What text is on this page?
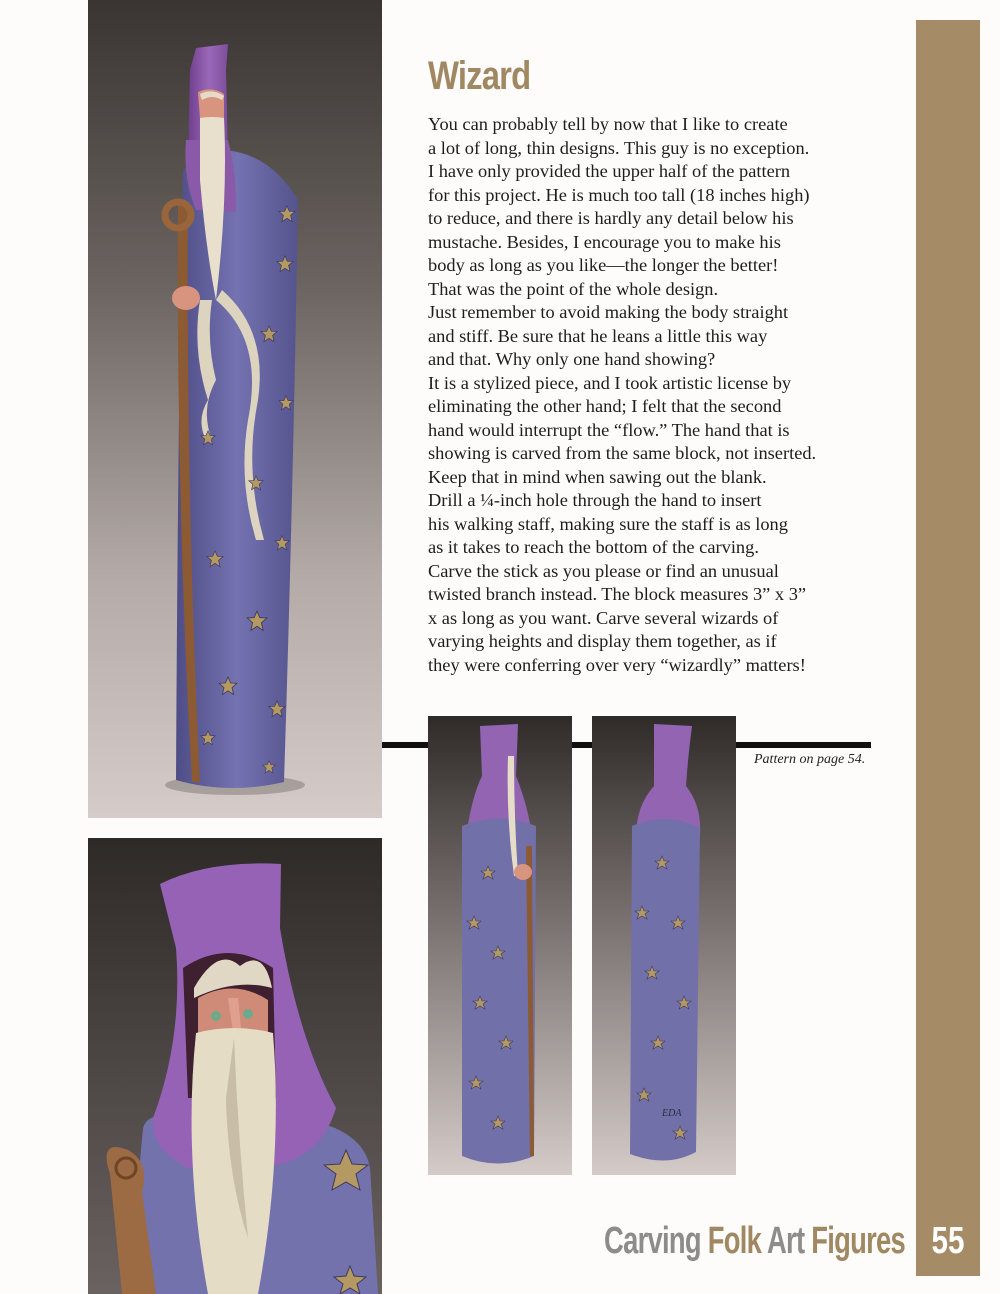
EDA
Wizard
You can probably tell by now that I like to create
a lot of long, thin designs. This guy is no exception.
I have only provided the upper half of the pattern
for this project. He is much too tall (18 inches high)
to reduce, and there is hardly any detail below his
mustache. Besides, I encourage you to make his
body as long as you like—the longer the better!
That was the point of the whole design.
Just remember to avoid making the body straight
and stiff. Be sure that he leans a little this way
and that. Why only one hand showing?
It is a stylized piece, and I took artistic license by
eliminating the other hand; I felt that the second
hand would interrupt the “flow.” The hand that is
showing is carved from the same block, not inserted.
Keep that in mind when sawing out the blank.
Drill a ¼-inch hole through the hand to insert
his walking staff, making sure the staff is as long
as it takes to reach the bottom of the carving.
Carve the stick as you please or find an unusual
twisted branch instead. The block measures 3” x 3”
x as long as you want. Carve several wizards of
varying heights and display them together, as if
they were conferring over very “wizardly” matters!
Pattern on page 54.
Carving Folk Art Figures 55
